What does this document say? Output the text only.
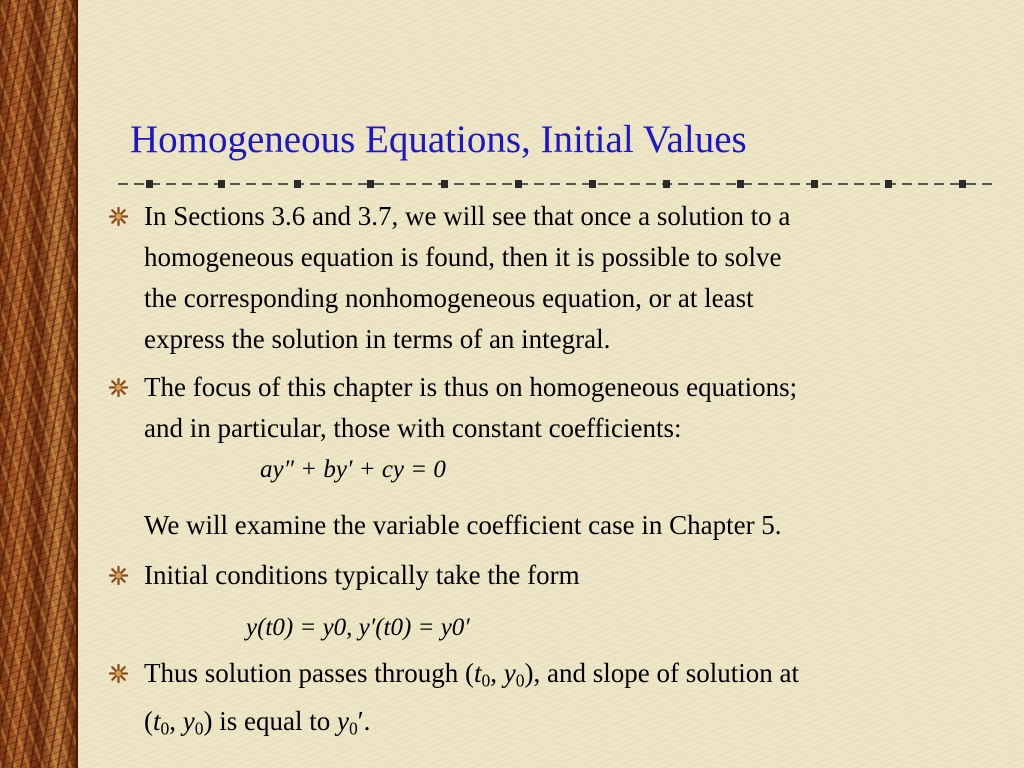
Homogeneous Equations, Initial Values
In Sections 3.6 and 3.7, we will see that once a solution to a
homogeneous equation is found, then it is possible to solve
the corresponding nonhomogeneous equation, or at least
express the solution in terms of an integral.
The focus of this chapter is thus on homogeneous equations;
and in particular, those with constant coefficients:
ay″ + by′ + cy = 0
We will examine the variable coefficient case in Chapter 5.
Initial conditions typically take the form
y(t0) = y0, y′(t0) = y0′
Thus solution passes through ($t_0$, $y_0$), and slope of solution at
($t_0$, $y_0$) is equal to $y_0'$.
